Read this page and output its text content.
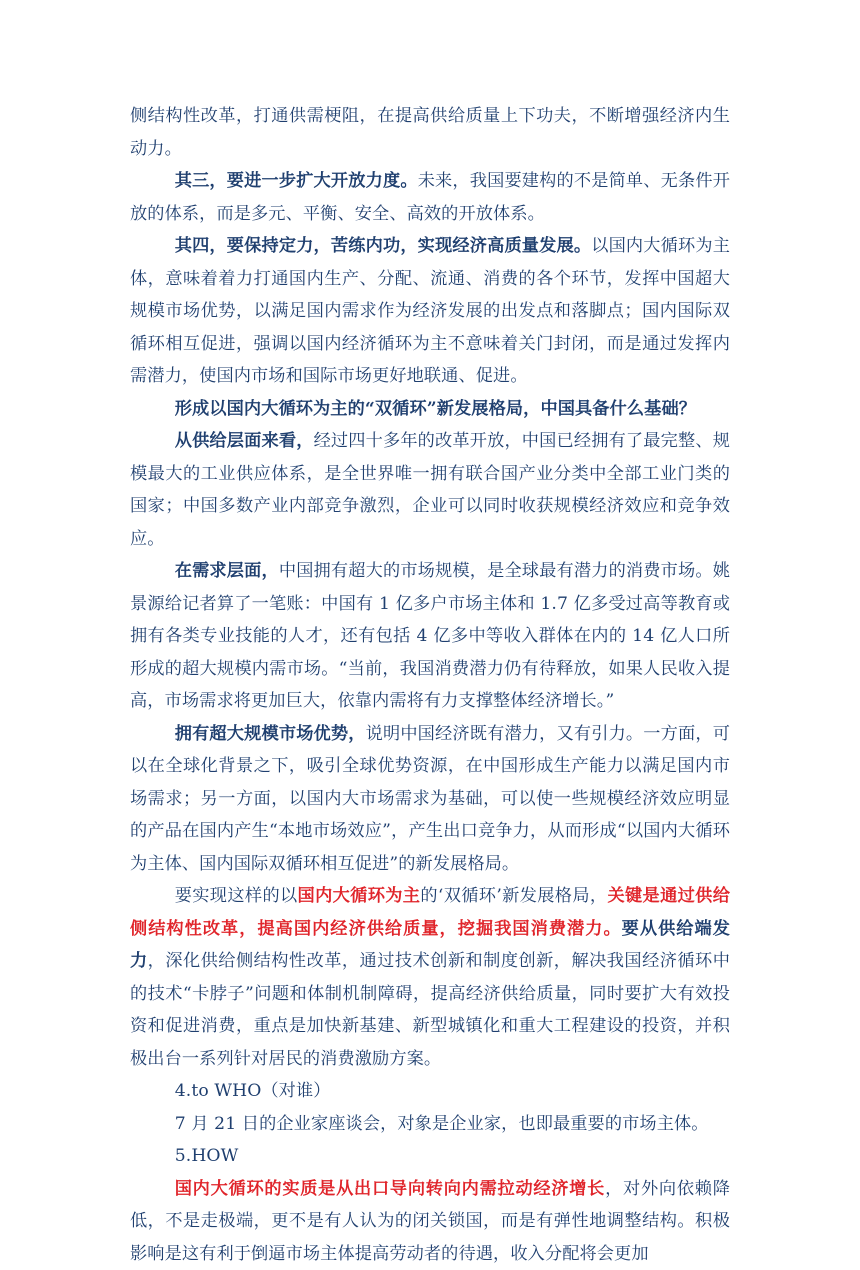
侧结构性改革，打通供需梗阻，在提高供给质量上下功夫，不断增强经济内生动力。

其三，要进一步扩大开放力度。未来，我国要建构的不是简单、无条件开放的体系，而是多元、平衡、安全、高效的开放体系。

其四，要保持定力，苦练内功，实现经济高质量发展。以国内大循环为主体，意味着着力打通国内生产、分配、流通、消费的各个环节，发挥中国超大规模市场优势，以满足国内需求作为经济发展的出发点和落脚点；国内国际双循环相互促进，强调以国内经济循环为主不意味着关门封闭，而是通过发挥内需潜力，使国内市场和国际市场更好地联通、促进。

形成以国内大循环为主的“双循环”新发展格局，中国具备什么基础？

从供给层面来看，经过四十多年的改革开放，中国已经拥有了最完整、规模最大的工业供应体系，是全世界唯一拥有联合国产业分类中全部工业门类的国家；中国多数产业内部竞争激烈，企业可以同时收获规模经济效应和竞争效应。

在需求层面，中国拥有超大的市场规模，是全球最有潜力的消费市场。姚景源给记者算了一笔账：中国有 1 亿多户市场主体和 1.7 亿多受过高等教育或拥有各类专业技能的人才，还有包括 4 亿多中等收入群体在内的 14 亿人口所形成的超大规模内需市场。“当前，我国消费潜力仍有待释放，如果人民收入提高，市场需求将更加巨大，依靠内需将有力支撑整体经济增长。”

拥有超大规模市场优势，说明中国经济既有潜力，又有引力。一方面，可以在全球化背景之下，吸引全球优势资源，在中国形成生产能力以满足国内市场需求；另一方面，以国内大市场需求为基础，可以使一些规模经济效应明显的产品在国内产生“本地市场效应”，产生出口竞争力，从而形成“以国内大循环为主体、国内国际双循环相互促进”的新发展格局。

要实现这样的以国内大循环为主的‘双循环’新发展格局，关键是通过供给侧结构性改革，提高国内经济供给质量，挖掘我国消费潜力。要从供给端发力，深化供给侧结构性改革，通过技术创新和制度创新，解决我国经济循环中的技术“卡脖子”问题和体制机制障碍，提高经济供给质量，同时要扩大有效投资和促进消费，重点是加快新基建、新型城镇化和重大工程建设的投资，并积极出台一系列针对居民的消费激励方案。

4.to WHO（对谁）

7 月 21 日的企业家座谈会，对象是企业家，也即最重要的市场主体。

5.HOW

国内大循环的实质是从出口导向转向内需拉动经济增长，对外向依赖降低，不是走极端，更不是有人认为的闭关锁国，而是有弹性地调整结构。积极影响是这有利于倒逼市场主体提高劳动者的待遇，收入分配将会更加
